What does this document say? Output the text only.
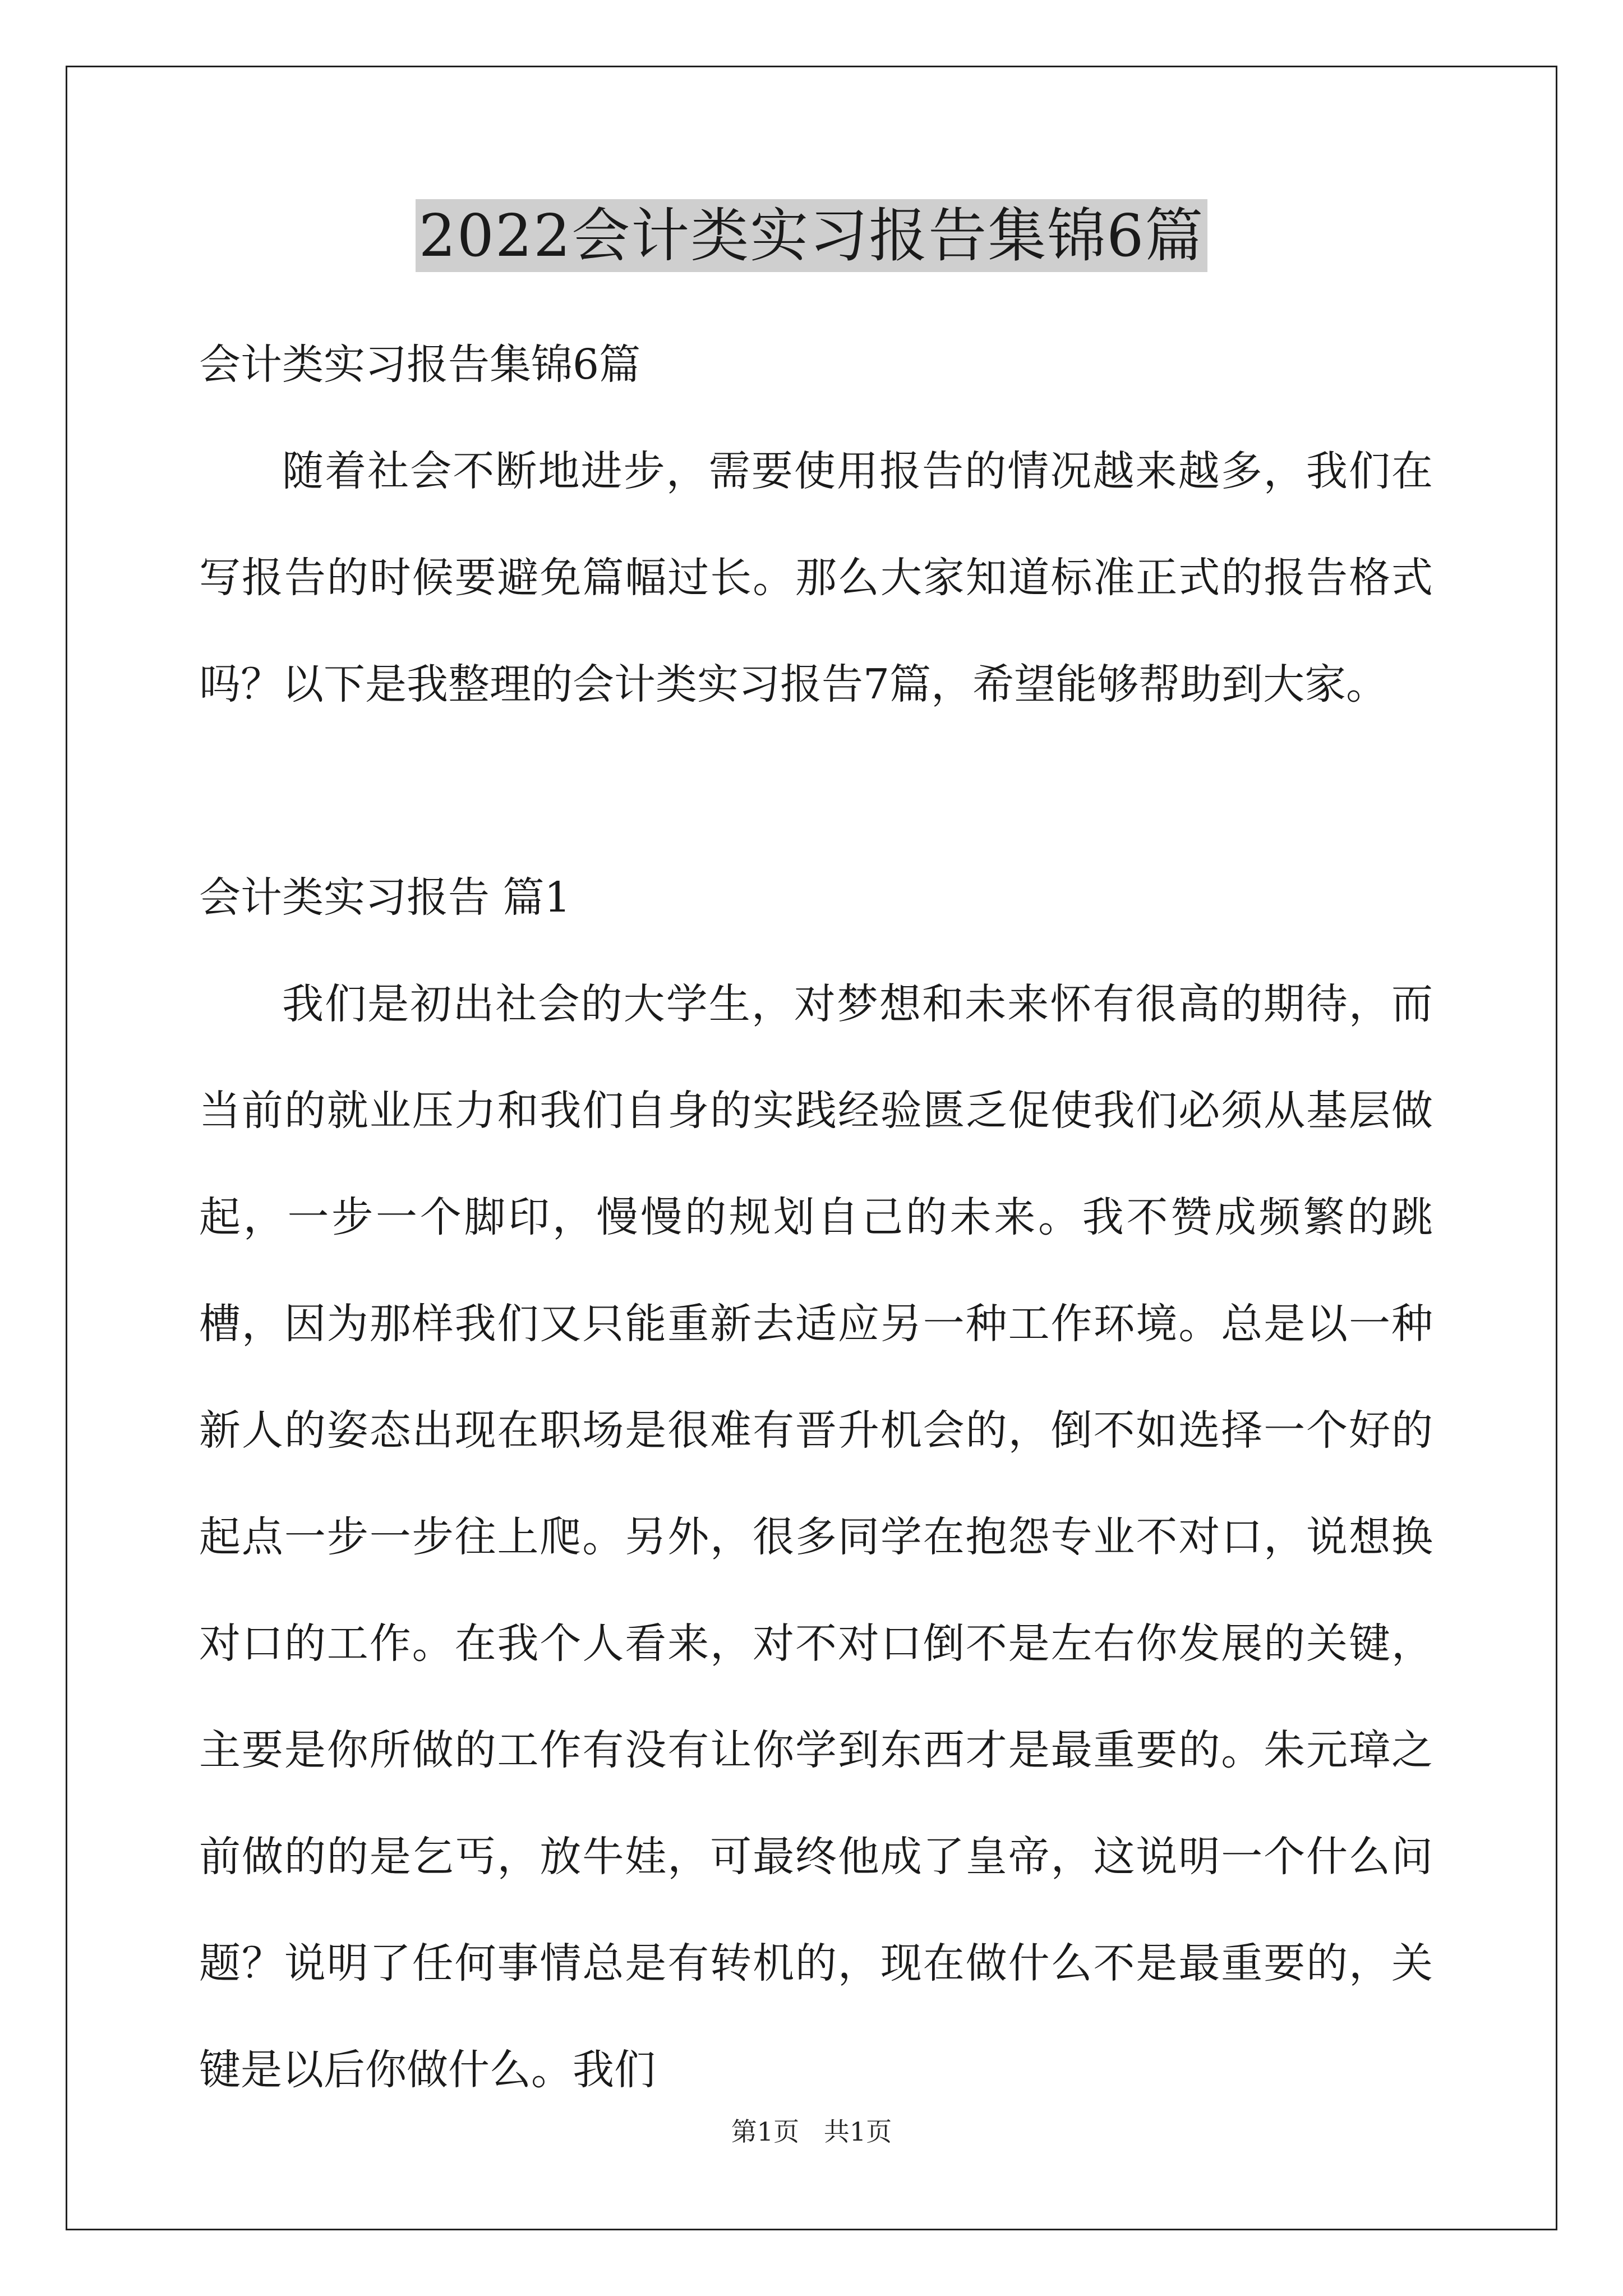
2022会计类实习报告集锦6篇

会计类实习报告集锦6篇

随着社会不断地进步，需要使用报告的情况越来越多，我们在写报告的时候要避免篇幅过长。那么大家知道标准正式的报告格式吗？以下是我整理的会计类实习报告7篇，希望能够帮助到大家。

会计类实习报告 篇1

我们是初出社会的大学生，对梦想和未来怀有很高的期待，而当前的就业压力和我们自身的实践经验匮乏促使我们必须从基层做起，一步一个脚印，慢慢的规划自己的未来。我不赞成频繁的跳槽，因为那样我们又只能重新去适应另一种工作环境。总是以一种新人的姿态出现在职场是很难有晋升机会的，倒不如选择一个好的起点一步一步往上爬。另外，很多同学在抱怨专业不对口，说想换对口的工作。在我个人看来，对不对口倒不是左右你发展的关键，主要是你所做的工作有没有让你学到东西才是最重要的。朱元璋之前做的的是乞丐，放牛娃，可最终他成了皇帝，这说明一个什么问题？说明了任何事情总是有转机的，现在做什么不是最重要的，关键是以后你做什么。我们

第1页   共1页
